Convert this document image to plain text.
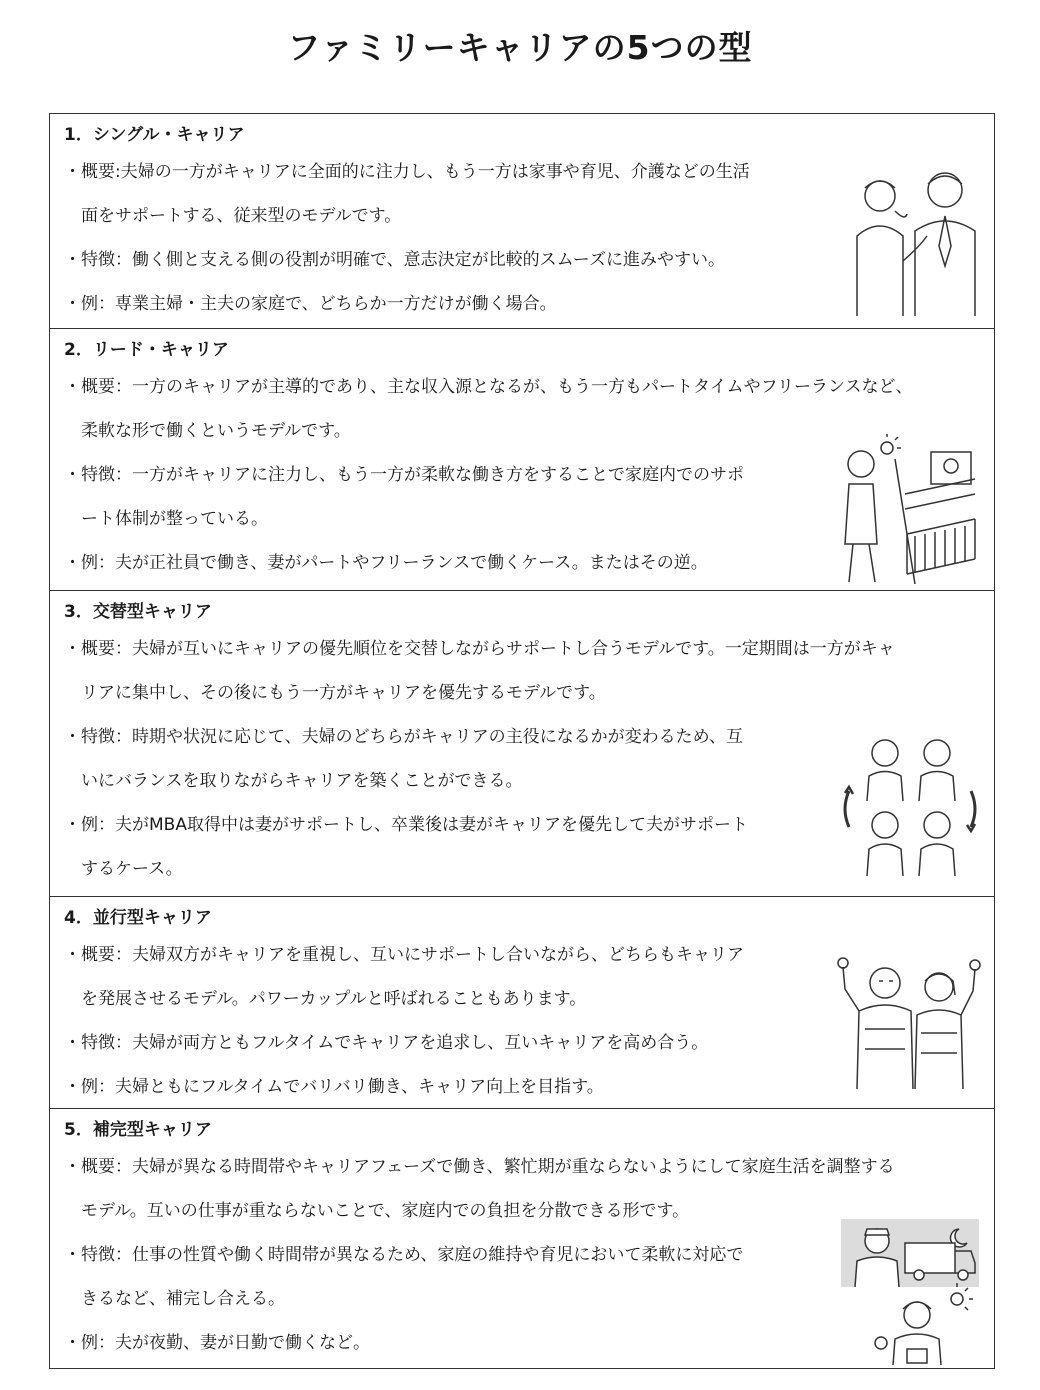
ファミリーキャリアの5つの型
1．シングル・キャリア
・概要:夫婦の一方がキャリアに全面的に注力し、もう一方は家事や育児、介護などの生活
　面をサポートする、従来型のモデルです。
・特徴：働く側と支える側の役割が明確で、意志決定が比較的スムーズに進みやすい。
・例：専業主婦・主夫の家庭で、どちらか一方だけが働く場合。
2．リード・キャリア
・概要：一方のキャリアが主導的であり、主な収入源となるが、もう一方もパートタイムやフリーランスなど、
　柔軟な形で働くというモデルです。
・特徴：一方がキャリアに注力し、もう一方が柔軟な働き方をすることで家庭内でのサポ
　ート体制が整っている。
・例：夫が正社員で働き、妻がパートやフリーランスで働くケース。またはその逆。
3．交替型キャリア
・概要：夫婦が互いにキャリアの優先順位を交替しながらサポートし合うモデルです。一定期間は一方がキャ
　リアに集中し、その後にもう一方がキャリアを優先するモデルです。
・特徴：時期や状況に応じて、夫婦のどちらがキャリアの主役になるかが変わるため、互
　いにバランスを取りながらキャリアを築くことができる。
・例：夫がMBA取得中は妻がサポートし、卒業後は妻がキャリアを優先して夫がサポート
　するケース。
4．並行型キャリア
・概要：夫婦双方がキャリアを重視し、互いにサポートし合いながら、どちらもキャリア
　を発展させるモデル。パワーカップルと呼ばれることもあります。
・特徴：夫婦が両方ともフルタイムでキャリアを追求し、互いキャリアを高め合う。
・例：夫婦ともにフルタイムでバリバリ働き、キャリア向上を目指す。
5．補完型キャリア
・概要：夫婦が異なる時間帯やキャリアフェーズで働き、繁忙期が重ならないようにして家庭生活を調整する
　モデル。互いの仕事が重ならないことで、家庭内での負担を分散できる形です。
・特徴：仕事の性質や働く時間帯が異なるため、家庭の維持や育児において柔軟に対応で
　きるなど、補完し合える。
・例：夫が夜勤、妻が日勤で働くなど。
